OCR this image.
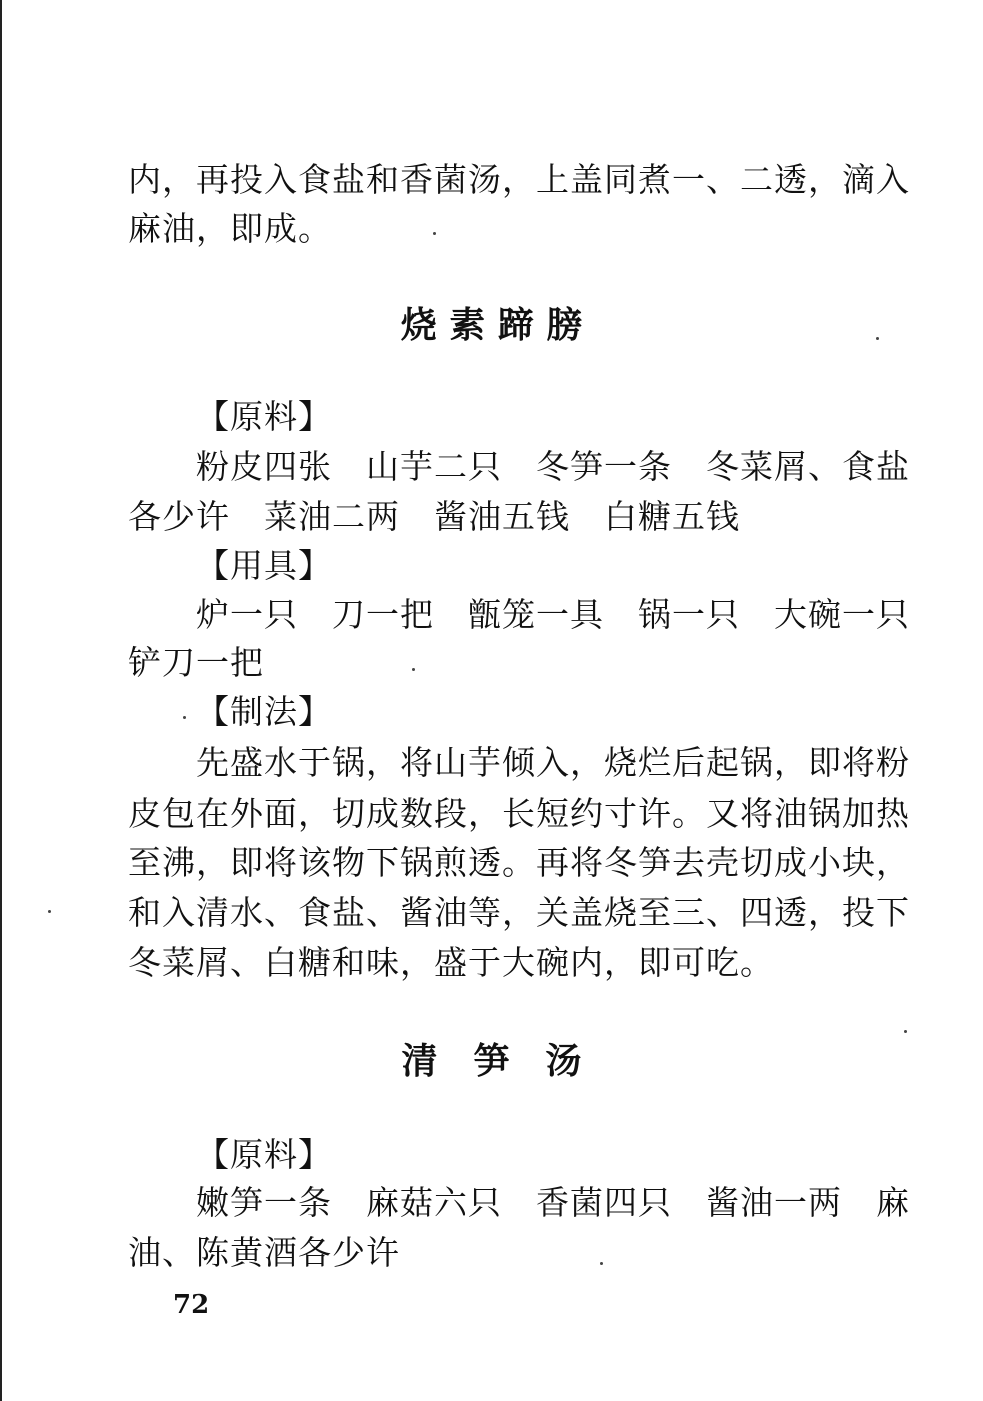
内，再投入食盐和香菌汤，上盖同煮一、二透，滴入
麻油，即成。
烧 素 蹄 膀
【原料】
粉皮四张　山芋二只　冬笋一条　冬菜屑、食盐
各少许　菜油二两　酱油五钱　白糖五钱
【用具】
炉一只　刀一把　甑笼一具　锅一只　大碗一只
铲刀一把
【制法】
先盛水于锅，将山芋倾入，烧烂后起锅，即将粉
皮包在外面，切成数段，长短约寸许。又将油锅加热
至沸，即将该物下锅煎透。再将冬笋去壳切成小块，
和入清水、食盐、酱油等，关盖烧至三、四透，投下
冬菜屑、白糖和味，盛于大碗内，即可吃。
清　笋　汤
【原料】
嫩笋一条　麻菇六只　香菌四只　酱油一两　麻
油、陈黄酒各少许
72
